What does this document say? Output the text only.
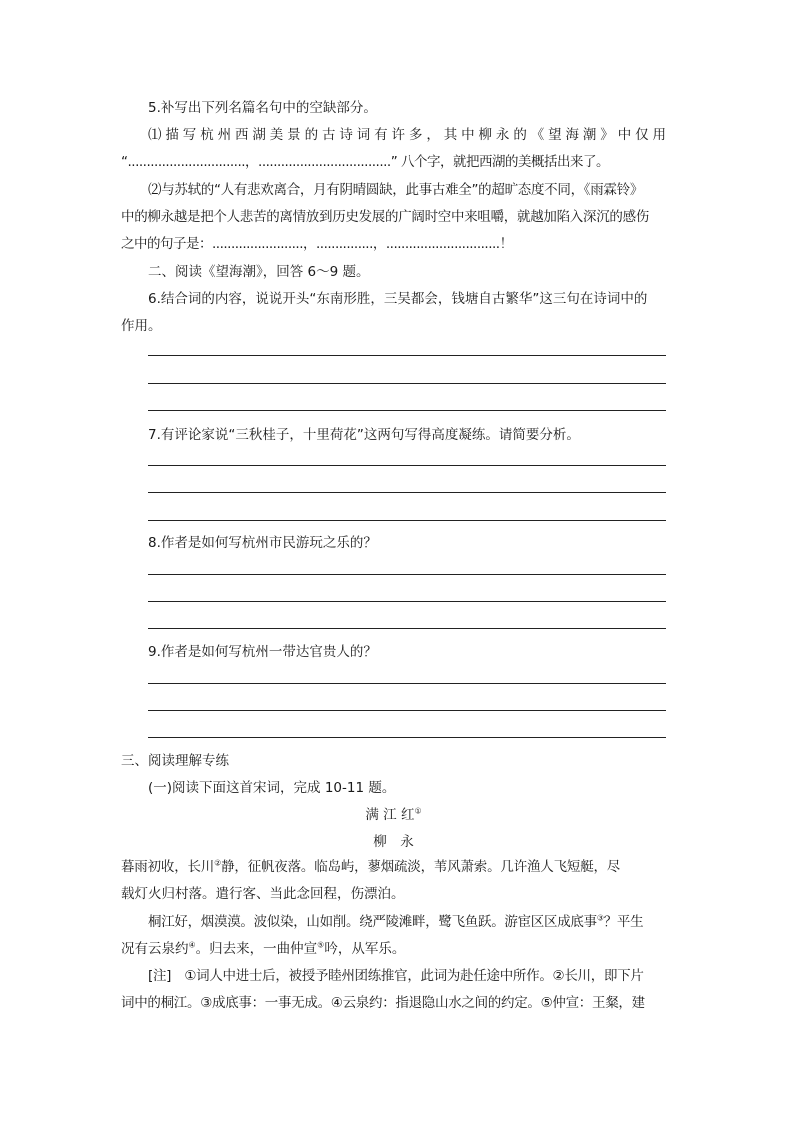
5.补写出下列名篇名句中的空缺部分。
⑴描写杭州西湖美景的古诗词有许多，其中柳永的《望海潮》中仅用
“...............................，...................................” 八个字，就把西湖的美概括出来了。
⑵与苏轼的“人有悲欢离合，月有阴晴圆缺，此事古难全”的超旷态度不同，《雨霖铃》
中的柳永越是把个人悲苦的离情放到历史发展的广阔时空中来咀嚼，就越加陷入深沉的感伤
之中的句子是：........................，...............，..............................！
二、阅读《望海潮》，回答 6～9 题。
6.结合词的内容，说说开头“东南形胜，三吴都会，钱塘自古繁华”这三句在诗词中的
作用。
7.有评论家说“三秋桂子，十里荷花”这两句写得高度凝练。请简要分析。
8.作者是如何写杭州市民游玩之乐的？
9.作者是如何写杭州一带达官贵人的？
三、阅读理解专练
(一)阅读下面这首宋词，完成 10-11 题。
满 江 红①
柳　永
暮雨初收，长川②静，征帆夜落。临岛屿，蓼烟疏淡，苇风萧索。几许渔人飞短艇，尽
载灯火归村落。遣行客、当此念回程，伤漂泊。
桐江好，烟漠漠。波似染，山如削。绕严陵滩畔，鹭飞鱼跃。游宦区区成底事③？平生
况有云泉约④。归去来，一曲仲宣⑤吟，从军乐。
[注]　①词人中进士后，被授予睦州团练推官，此词为赴任途中所作。②长川，即下片
词中的桐江。③成底事：一事无成。④云泉约：指退隐山水之间的约定。⑤仲宣：王粲，建
